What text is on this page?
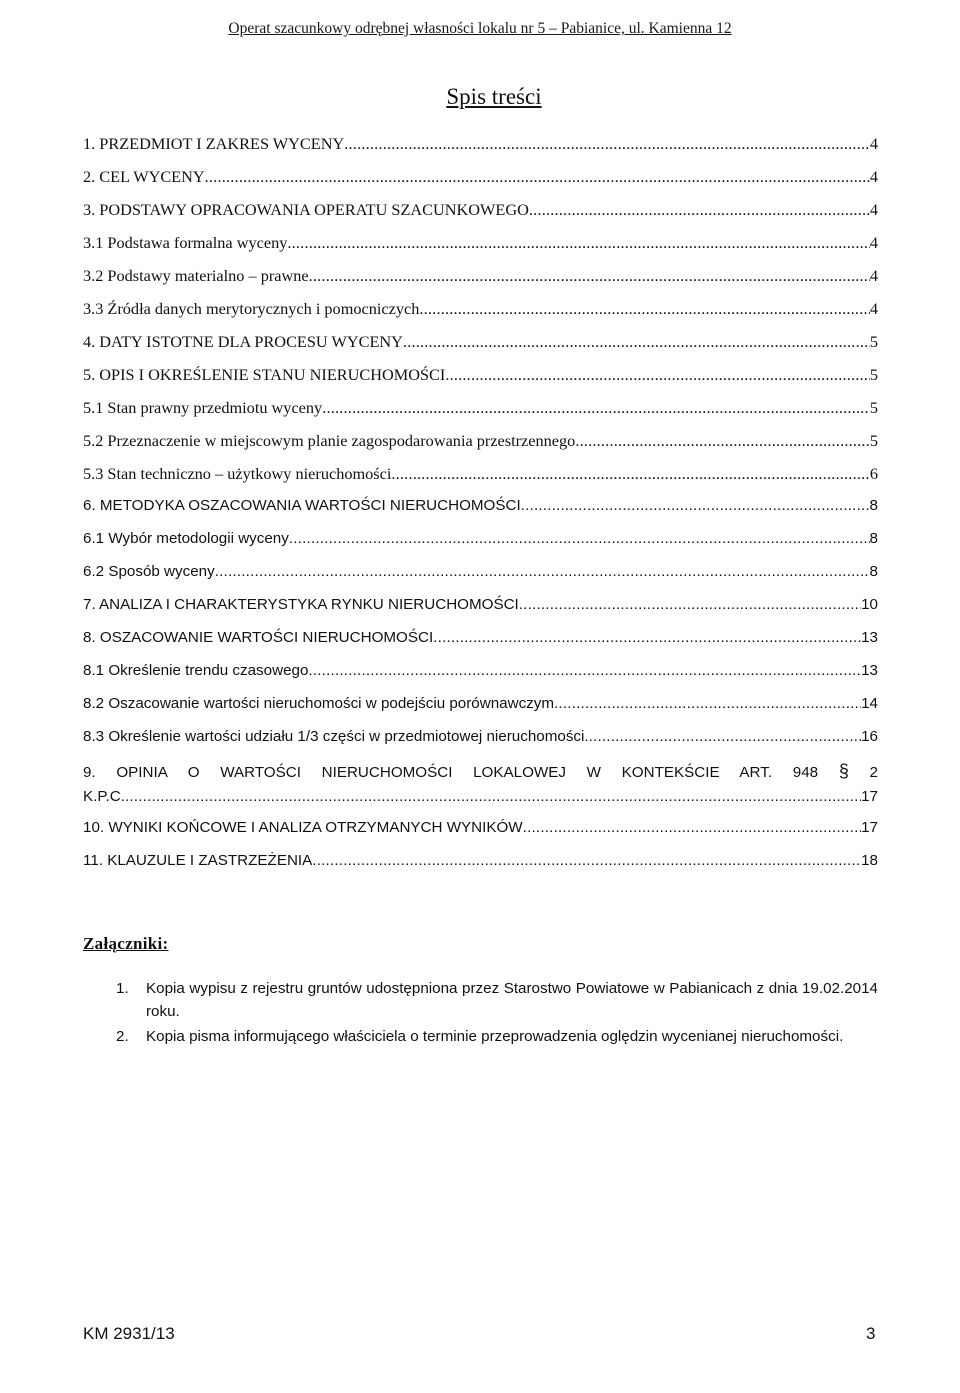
Operat szacunkowy odrębnej własności lokalu nr 5 – Pabianice, ul. Kamienna 12
Spis treści
1. PRZEDMIOT I ZAKRES WYCENY .....	4
2. CEL WYCENY .....	4
3. PODSTAWY OPRACOWANIA OPERATU SZACUNKOWEGO .....	4
3.1 Podstawa formalna wyceny .....	4
3.2 Podstawy materialno – prawne .....	4
3.3 Źródła danych merytorycznych i pomocniczych .....	4
4. DATY ISTOTNE DLA PROCESU WYCENY .....	5
5. OPIS I OKREŚLENIE STANU NIERUCHOMOŚCI .....	5
5.1 Stan prawny przedmiotu wyceny .....	5
5.2 Przeznaczenie w miejscowym planie zagospodarowania przestrzennego .....	5
5.3 Stan techniczno – użytkowy nieruchomości .....	6
6. METODYKA OSZACOWANIA WARTOŚCI NIERUCHOMOŚCI .....	8
6.1 Wybór metodologii wyceny .....	8
6.2 Sposób wyceny .....	8
7. ANALIZA I CHARAKTERYSTYKA RYNKU NIERUCHOMOŚCI .....	10
8. OSZACOWANIE WARTOŚCI NIERUCHOMOŚCI .....	13
8.1 Określenie trendu czasowego .....	13
8.2 Oszacowanie wartości nieruchomości w podejściu porównawczym .....	14
8.3 Określenie wartości udziału 1/3 części w przedmiotowej nieruchomości. .....	16
9. OPINIA O WARTOŚCI NIERUCHOMOŚCI LOKALOWEJ W KONTEKŚCIE ART. 948 § 2
K.P.C. .....	17
10. WYNIKI KOŃCOWE I ANALIZA OTRZYMANYCH WYNIKÓW .....	17
11. KLAUZULE I ZASTRZEŻENIA .....	18
Załączniki:
1.	Kopia wypisu z rejestru gruntów udostępniona przez Starostwo Powiatowe w Pabianicach z dnia 19.02.2014 roku.
2.	Kopia pisma informującego właściciela o terminie przeprowadzenia oględzin wycenianej nieruchomości.
KM 2931/13	3
